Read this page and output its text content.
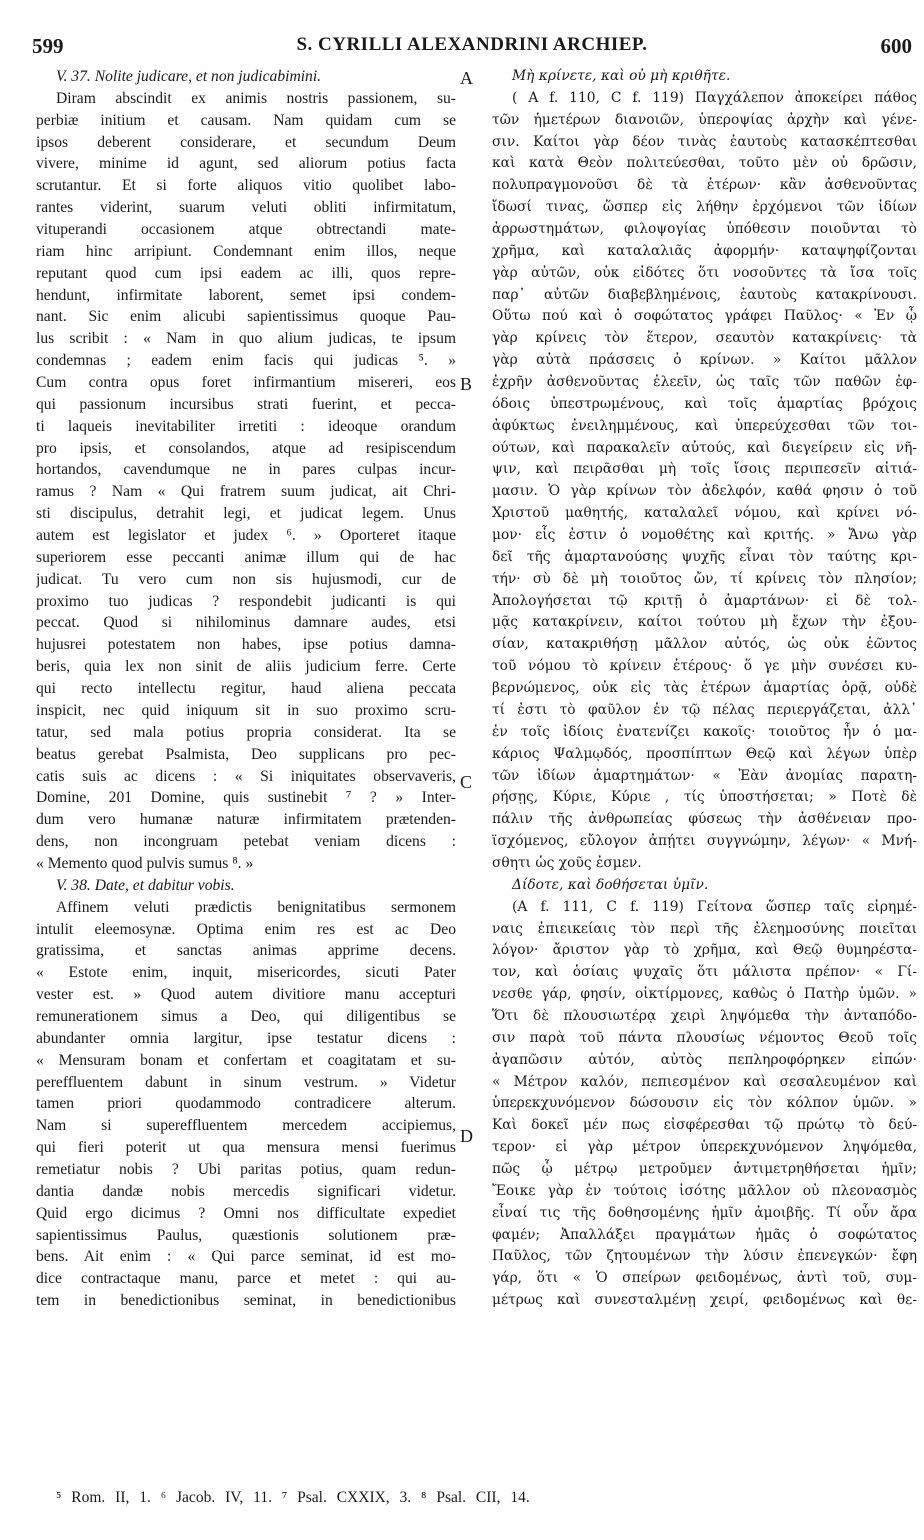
599	S. CYRILLI ALEXANDRINI ARCHIEP.	600
V. 37. Nolite judicare, et non judicabimini.
Diram abscindit ex animis nostris passionem, su-
perbiæ initium et causam. Nam quidam cum se
ipsos deberent considerare, et secundum Deum
vivere, minime id agunt, sed aliorum potius facta
scrutantur. Et si forte aliquos vitio quolibet labo-
rantes viderint, suarum veluti obliti infirmitatum,
vituperandi occasionem atque obtrectandi mate-
riam hinc arripiunt. Condemnant enim illos, neque
reputant quod cum ipsi eadem ac illi, quos repre-
hendunt, infirmitate laborent, semet ipsi condem-
nant. Sic enim alicubi sapientissimus quoque Pau-
lus scribit : « Nam in quo alium judicas, te ipsum
condemnas ; eadem enim facis qui judicas ⁵. »
Cum contra opus foret infirmantium misereri, eos
qui passionum incursibus strati fuerint, et pecca-
ti laqueis inevitabiliter irretiti : ideoque orandum
pro ipsis, et consolandos, atque ad resipiscendum
hortandos, cavendumque ne in pares culpas incur-
ramus ? Nam « Qui fratrem suum judicat, ait Chri-
sti discipulus, detrahit legi, et judicat legem. Unus
autem est legislator et judex ⁶. » Oporteret itaque
superiorem esse peccanti animæ illum qui de hac
judicat. Tu vero cum non sis hujusmodi, cur de
proximo tuo judicas ? respondebit judicanti is qui
peccat. Quod si nihilominus damnare audes, etsi
hujusrei potestatem non habes, ipse potius damna-
beris, quia lex non sinit de aliis judicium ferre. Certe
qui recto intellectu regitur, haud aliena peccata
inspicit, nec quid iniquum sit in suo proximo scru-
tatur, sed mala potius propria considerat. Ita se
beatus gerebat Psalmista, Deo supplicans pro pec-
catis suis ac dicens : « Si iniquitates observaveris,
Domine, 201 Domine, quis sustinebit ⁷ ? » Inter-
dum vero humanæ naturæ infirmitatem prætenden-
dens, non incongruam petebat veniam dicens :
« Memento quod pulvis sumus ⁸. »
V. 38. Date, et dabitur vobis.
Affinem veluti prædictis benignitatibus sermonem
intulit eleemosynæ. Optima enim res est ac Deo
gratissima, et sanctas animas apprime decens.
« Estote enim, inquit, misericordes, sicuti Pater
vester est. » Quod autem divitiore manu accepturi
remunerationem simus a Deo, qui diligentibus se
abundanter omnia largitur, ipse testatur dicens :
« Mensuram bonam et confertam et coagitatam et su-
pereffluentem dabunt in sinum vestrum. » Videtur
tamen priori quodammodo contradicere alterum.
Nam si supereffluentem mercedem accipiemus,
qui fieri poterit ut qua mensura mensi fuerimus
remetiatur nobis ? Ubi paritas potius, quam redun-
dantia dandæ nobis mercedis significari videtur.
Quid ergo dicimus ? Omni nos difficultate expediet
sapientissimus Paulus, quæstionis solutionem præ-
bens. Ait enim : « Qui parce seminat, id est mo-
dice contractaque manu, parce et metet : qui au-
tem in benedictionibus seminat, in benedictionibus
Μὴ κρίνετε, καὶ οὐ μὴ κριθῆτε.
( A f. 110, C f. 119) Παγχάλεπον ἀποκείρει πάθος
τῶν ἡμετέρων διανοιῶν, ὑπεροψίας ἀρχὴν καὶ γένε-
σιν. Καίτοι γὰρ δέον τινὰς ἑαυτοὺς κατασκέπτεσθαι
καὶ κατὰ Θεὸν πολιτεύεσθαι, τοῦτο μὲν οὐ δρῶσιν,
πολυπραγμονοῦσι δὲ τὰ ἑτέρων· κἂν ἀσθενοῦντας
ἴδωσί τινας, ὥσπερ εἰς λήθην ἐρχόμενοι τῶν ἰδίων
ἀρρωστημάτων, φιλοψογίας ὑπόθεσιν ποιοῦνται τὸ
χρῆμα, καὶ καταλαλιᾶς ἀφορμήν· καταψηφίζονται
γὰρ αὐτῶν, οὐκ εἰδότες ὅτι νοσοῦντες τὰ ἴσα τοῖς
παρ᾽ αὐτῶν διαβεβλημένοις, ἑαυτοὺς κατακρίνουσι.
Οὕτω πού καὶ ὁ σοφώτατος γράφει Παῦλος· « Ἐν ᾧ
γὰρ κρίνεις τὸν ἕτερον, σεαυτὸν κατακρίνεις· τὰ
γὰρ αὐτὰ πράσσεις ὁ κρίνων. » Καίτοι μᾶλλον
ἐχρῆν ἀσθενοῦντας ἐλεεῖν, ὡς ταῖς τῶν παθῶν ἐφ-
όδοις ὑπεστρωμένους, καὶ τοῖς ἁμαρτίας βρόχοις
ἀφύκτως ἐνειλημμένους, καὶ ὑπερεύχεσθαι τῶν τοι-
ούτων, καὶ παρακαλεῖν αὐτούς, καὶ διεγείρειν εἰς νῆ-
ψιν, καὶ πειρᾶσθαι μὴ τοῖς ἴσοις περιπεσεῖν αἰτιά-
μασιν. Ὁ γὰρ κρίνων τὸν ἀδελφόν, καθά φησιν ὁ τοῦ
Χριστοῦ μαθητής, καταλαλεῖ νόμου, καὶ κρίνει νό-
μον· εἷς ἐστιν ὁ νομοθέτης καὶ κριτής. » Ἄνω γὰρ
δεῖ τῆς ἁμαρτανούσης ψυχῆς εἶναι τὸν ταύτης κρι-
τήν· σὺ δὲ μὴ τοιοῦτος ὤν, τί κρίνεις τὸν πλησίον;
Ἀπολογήσεται τῷ κριτῇ ὁ ἁμαρτάνων· εἰ δὲ τολ-
μᾷς κατακρίνειν, καίτοι τούτου μὴ ἔχων τὴν ἐξου-
σίαν, κατακριθήσῃ μᾶλλον αὐτός, ὡς οὐκ ἐῶντος
τοῦ νόμου τὸ κρίνειν ἑτέρους· ὅ γε μὴν συνέσει κυ-
βερνώμενος, οὐκ εἰς τὰς ἑτέρων ἁμαρτίας ὁρᾷ, οὐδὲ
τί ἐστι τὸ φαῦλον ἐν τῷ πέλας περιεργάζεται, ἀλλ᾽
ἐν τοῖς ἰδίοις ἐνατενίζει κακοῖς· τοιοῦτος ἦν ὁ μα-
κάριος Ψαλμῳδός, προσπίπτων Θεῷ καὶ λέγων ὑπὲρ
τῶν ἰδίων ἁμαρτημάτων· « Ἐὰν ἀνομίας παρατη-
ρήσῃς, Κύριε, Κύριε , τίς ὑποστήσεται; » Ποτὲ δὲ
πάλιν τῆς ἀνθρωπείας φύσεως τὴν ἀσθένειαν προ-
ϊσχόμενος, εὔλογον ἀπῄτει συγγνώμην, λέγων· « Μνή-
σθητι ὡς χοῦς ἐσμεν.
Δίδοτε, καὶ δοθήσεται ὑμῖν.
(A f. 111, C f. 119) Γείτονα ὥσπερ ταῖς εἰρημέ-
ναις ἐπιεικείαις τὸν περὶ τῆς ἐλεημοσύνης ποιεῖται
λόγον· ἄριστον γὰρ τὸ χρῆμα, καὶ Θεῷ θυμηρέστα-
τον, καὶ ὁσίαις ψυχαῖς ὅτι μάλιστα πρέπον· « Γί-
νεσθε γάρ, φησίν, οἰκτίρμονες, καθὼς ὁ Πατὴρ ὑμῶν. »
Ὅτι δὲ πλουσιωτέρᾳ χειρὶ ληψόμεθα τὴν ἀνταπόδο-
σιν παρὰ τοῦ πάντα πλουσίως νέμοντος Θεοῦ τοῖς
ἀγαπῶσιν αὐτόν, αὐτὸς πεπληροφόρηκεν εἰπών·
« Μέτρον καλόν, πεπιεσμένον καὶ σεσαλευμένον καὶ
ὑπερεκχυνόμενον δώσουσιν εἰς τὸν κόλπον ὑμῶν. »
Καὶ δοκεῖ μέν πως εἰσφέρεσθαι τῷ πρώτῳ τὸ δεύ-
τερον· εἰ γὰρ μέτρον ὑπερεκχυνόμενον ληψόμεθα,
πῶς ᾧ μέτρῳ μετροῦμεν ἀντιμετρηθήσεται ἡμῖν;
Ἔοικε γὰρ ἐν τούτοις ἰσότης μᾶλλον οὐ πλεονασμὸς
εἶναί τις τῆς δοθησομένης ἡμῖν ἀμοιβῆς. Τί οὖν ἄρα
φαμέν; Ἀπαλλάξει πραγμάτων ἡμᾶς ὁ σοφώτατος
Παῦλος, τῶν ζητουμένων τὴν λύσιν ἐπενεγκών· ἔφη
γάρ, ὅτι « Ὁ σπείρων φειδομένως, ἀντὶ τοῦ, συμ-
μέτρως καὶ συνεσταλμένῃ χειρί, φειδομένως καὶ θε-
A
B
C
D
⁵ Rom. II, 1. ⁶ Jacob. IV, 11. ⁷ Psal. CXXIX, 3. ⁸ Psal. CII, 14.
